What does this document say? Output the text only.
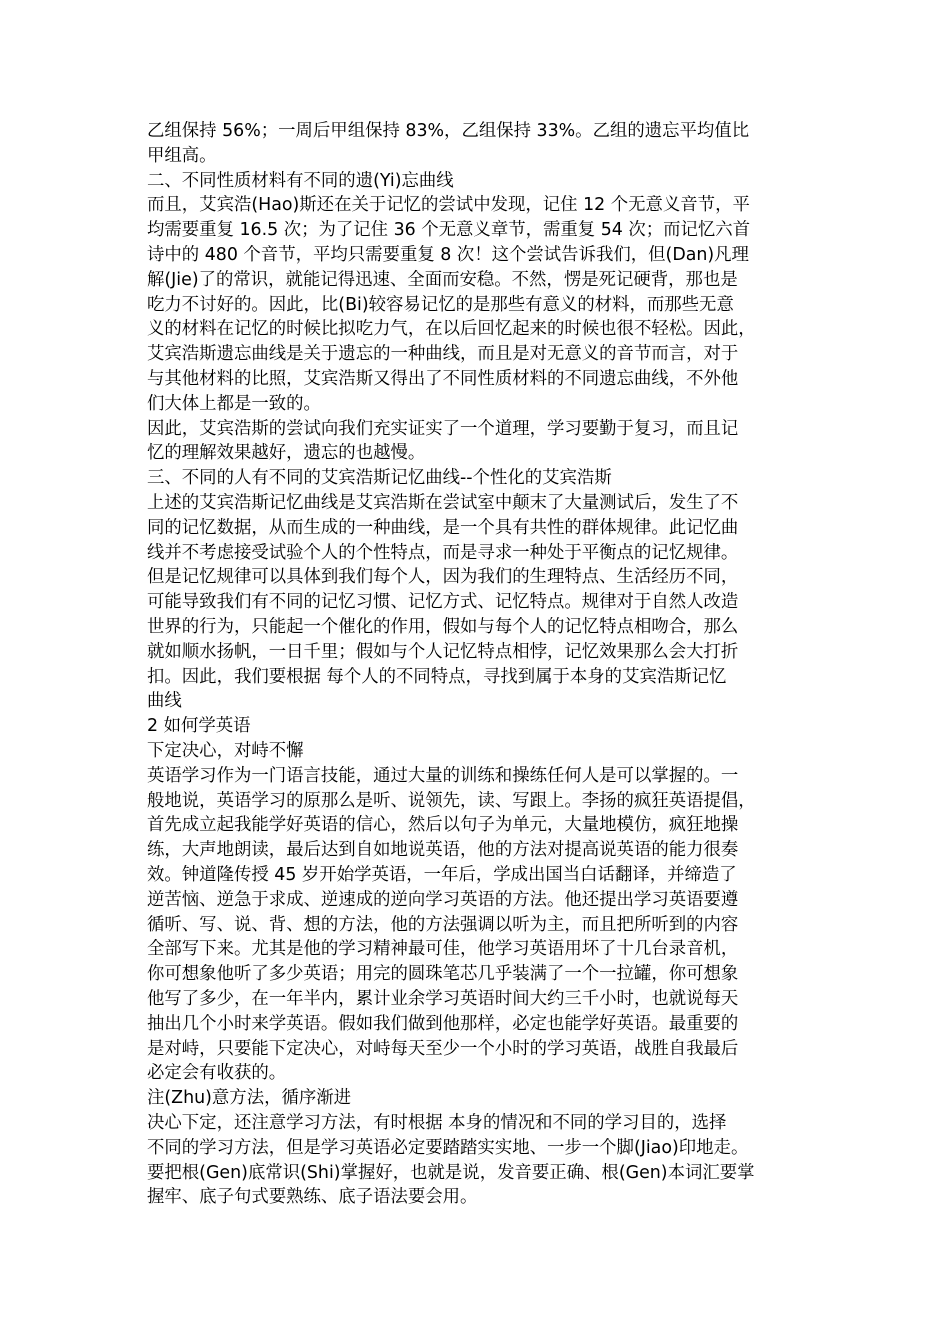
乙组保持 56%；一周后甲组保持 83%，乙组保持 33%。乙组的遗忘平均值比

甲组高。

二、不同性质材料有不同的遗(Yi)忘曲线

而且，艾宾浩(Hao)斯还在关于记忆的尝试中发现，记住 12 个无意义音节，平

均需要重复 16.5 次；为了记住 36 个无意义章节，需重复 54 次；而记忆六首

诗中的 480 个音节，平均只需要重复 8 次！这个尝试告诉我们，但(Dan)凡理

解(Jie)了的常识，就能记得迅速、全面而安稳。不然，愣是死记硬背，那也是

吃力不讨好的。因此，比(Bi)较容易记忆的是那些有意义的材料，而那些无意

义的材料在记忆的时候比拟吃力气，在以后回忆起来的时候也很不轻松。因此，

艾宾浩斯遗忘曲线是关于遗忘的一种曲线，而且是对无意义的音节而言，对于

与其他材料的比照，艾宾浩斯又得出了不同性质材料的不同遗忘曲线，不外他

们大体上都是一致的。

因此，艾宾浩斯的尝试向我们充实证实了一个道理，学习要勤于复习，而且记

忆的理解效果越好，遗忘的也越慢。

三、不同的人有不同的艾宾浩斯记忆曲线--个性化的艾宾浩斯

上述的艾宾浩斯记忆曲线是艾宾浩斯在尝试室中颠末了大量测试后，发生了不

同的记忆数据，从而生成的一种曲线，是一个具有共性的群体规律。此记忆曲

线并不考虑接受试验个人的个性特点，而是寻求一种处于平衡点的记忆规律。

但是记忆规律可以具体到我们每个人，因为我们的生理特点、生活经历不同，

可能导致我们有不同的记忆习惯、记忆方式、记忆特点。规律对于自然人改造

世界的行为，只能起一个催化的作用，假如与每个人的记忆特点相吻合，那么

就如顺水扬帆，一日千里；假如与个人记忆特点相悖，记忆效果那么会大打折

扣。因此，我们要根据 每个人的不同特点，寻找到属于本身的艾宾浩斯记忆

曲线

2 如何学英语

下定决心，对峙不懈

英语学习作为一门语言技能，通过大量的训练和操练任何人是可以掌握的。一

般地说，英语学习的原那么是听、说领先，读、写跟上。李扬的疯狂英语提倡，

首先成立起我能学好英语的信心，然后以句子为单元，大量地模仿，疯狂地操

练，大声地朗读，最后达到自如地说英语，他的方法对提高说英语的能力很奏

效。钟道隆传授 45 岁开始学英语，一年后，学成出国当白话翻译，并缔造了

逆苦恼、逆急于求成、逆速成的逆向学习英语的方法。他还提出学习英语要遵

循听、写、说、背、想的方法，他的方法强调以听为主，而且把所听到的内容

全部写下来。尤其是他的学习精神最可佳，他学习英语用坏了十几台录音机，

你可想象他听了多少英语；用完的圆珠笔芯几乎装满了一个一拉罐，你可想象

他写了多少，在一年半内，累计业余学习英语时间大约三千小时，也就说每天

抽出几个小时来学英语。假如我们做到他那样，必定也能学好英语。最重要的

是对峙，只要能下定决心，对峙每天至少一个小时的学习英语，战胜自我最后

必定会有收获的。

注(Zhu)意方法，循序渐进

决心下定，还注意学习方法，有时根据 本身的情况和不同的学习目的，选择

不同的学习方法，但是学习英语必定要踏踏实实地、一步一个脚(Jiao)印地走。

要把根(Gen)底常识(Shi)掌握好，也就是说，发音要正确、根(Gen)本词汇要掌

握牢、底子句式要熟练、底子语法要会用。
